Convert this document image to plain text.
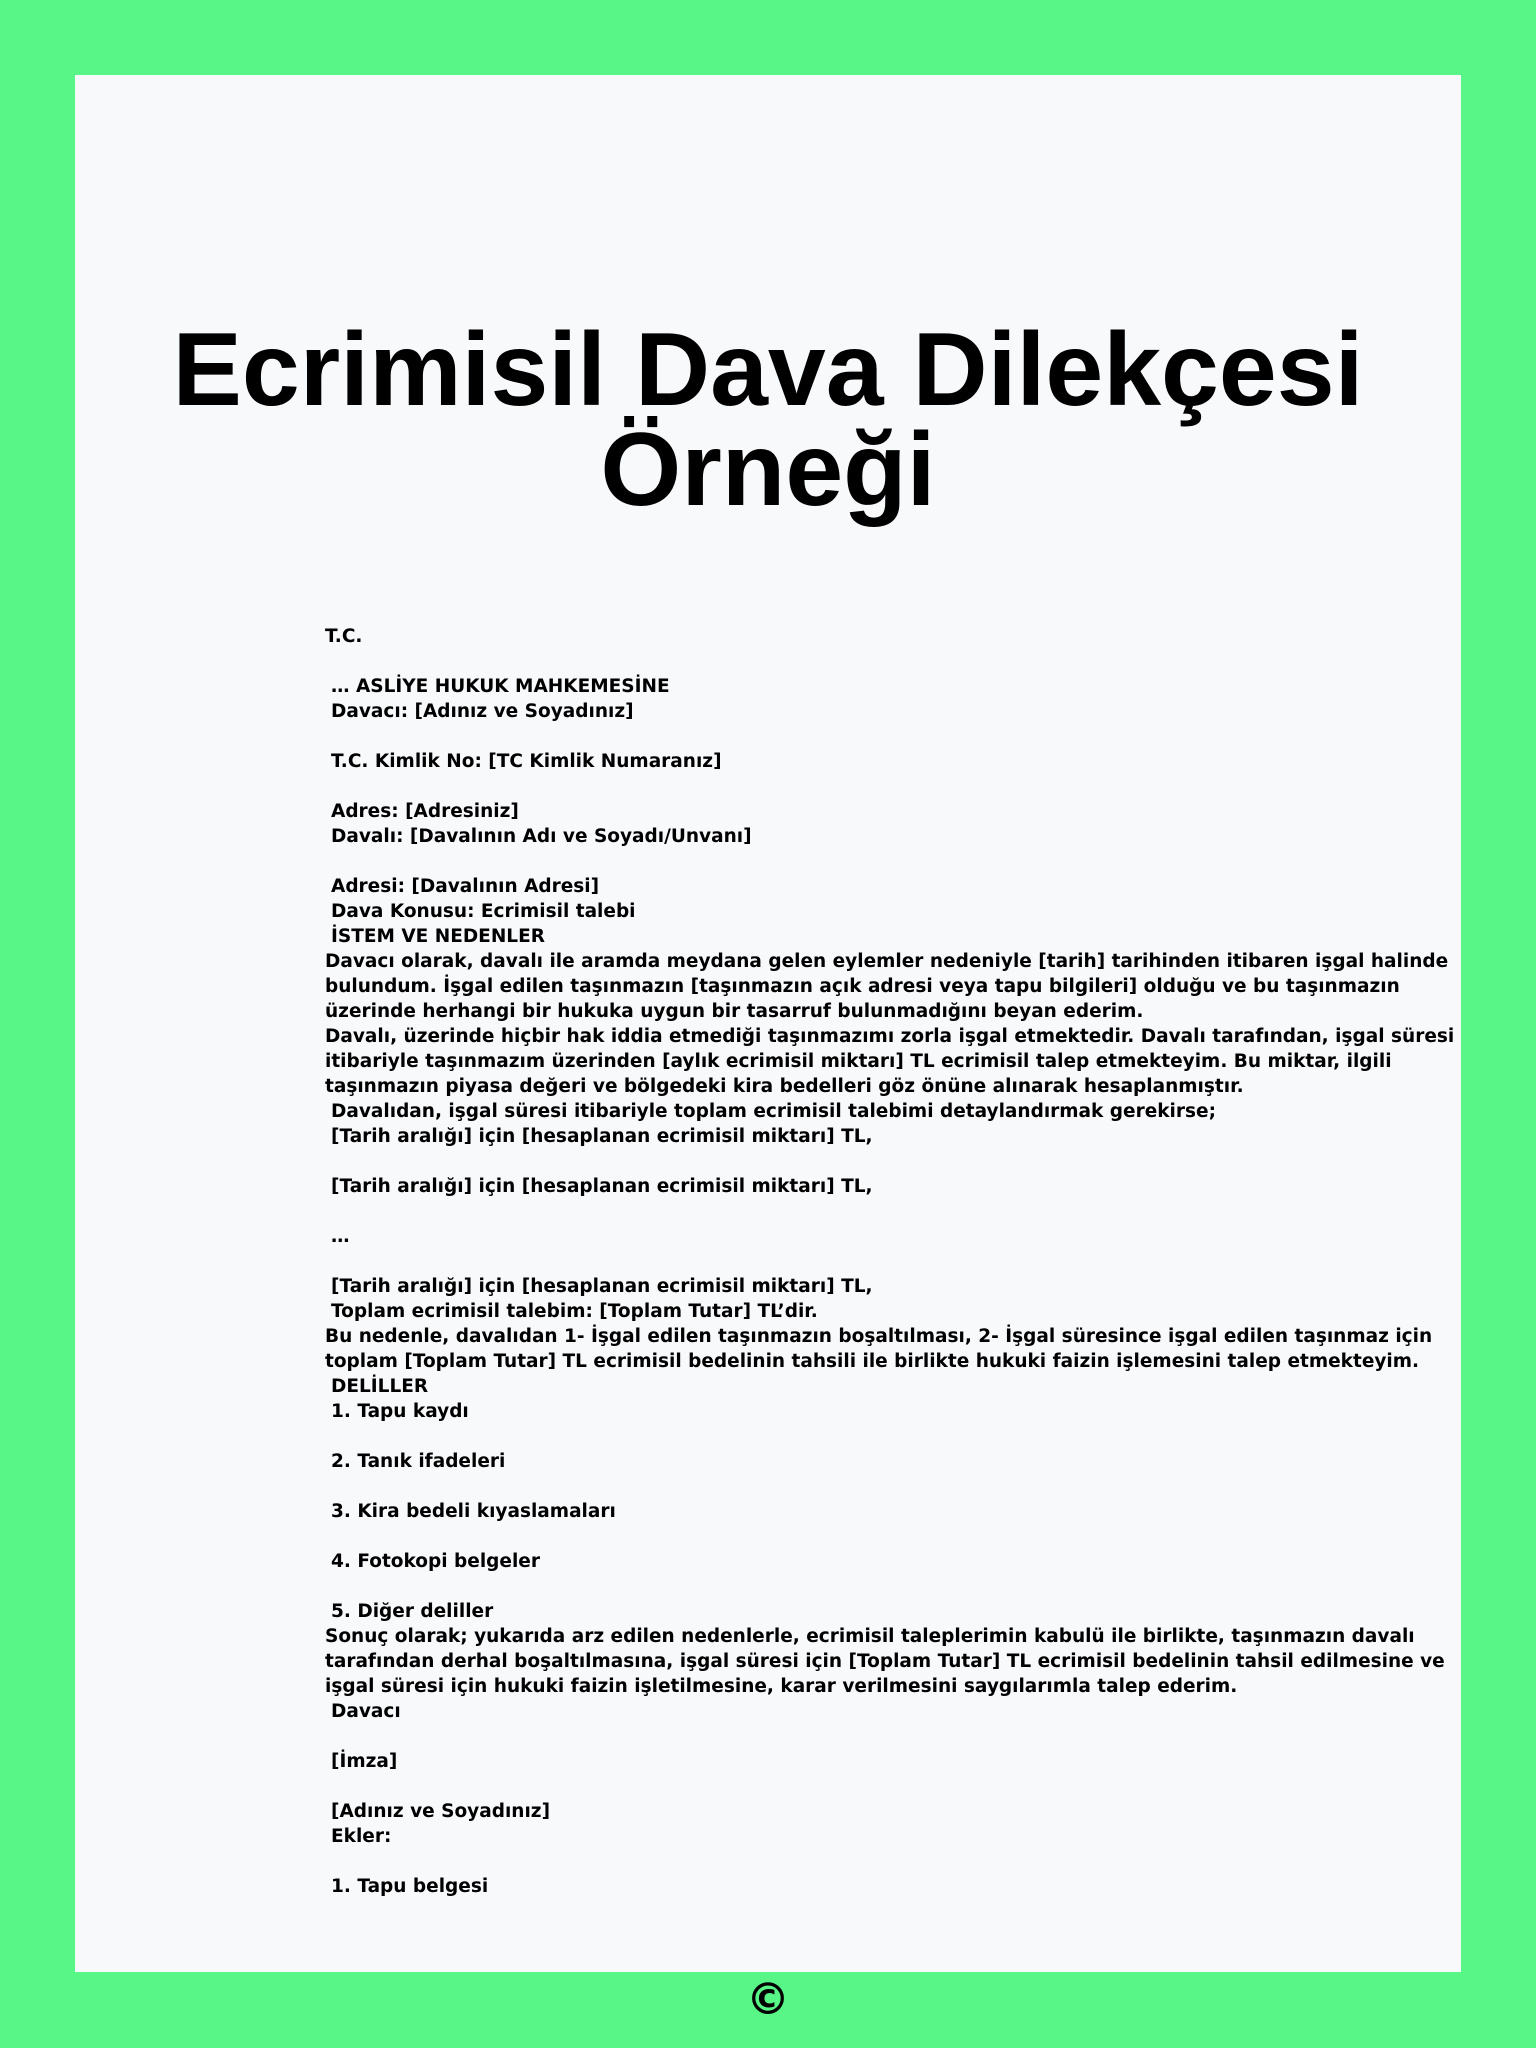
Ecrimisil Dava Dilekçesi
Örneği
T.C.
… ASLİYE HUKUK MAHKEMESİNE
Davacı: [Adınız ve Soyadınız]
T.C. Kimlik No: [TC Kimlik Numaranız]
Adres: [Adresiniz]
Davalı: [Davalının Adı ve Soyadı/Unvanı]
Adresi: [Davalının Adresi]
Dava Konusu: Ecrimisil talebi
İSTEM VE NEDENLER
Davacı olarak, davalı ile aramda meydana gelen eylemler nedeniyle [tarih] tarihinden itibaren işgal halinde
bulundum. İşgal edilen taşınmazın [taşınmazın açık adresi veya tapu bilgileri] olduğu ve bu taşınmazın
üzerinde herhangi bir hukuka uygun bir tasarruf bulunmadığını beyan ederim.
Davalı, üzerinde hiçbir hak iddia etmediği taşınmazımı zorla işgal etmektedir. Davalı tarafından, işgal süresi
itibariyle taşınmazım üzerinden [aylık ecrimisil miktarı] TL ecrimisil talep etmekteyim. Bu miktar, ilgili
taşınmazın piyasa değeri ve bölgedeki kira bedelleri göz önüne alınarak hesaplanmıştır.
Davalıdan, işgal süresi itibariyle toplam ecrimisil talebimi detaylandırmak gerekirse;
[Tarih aralığı] için [hesaplanan ecrimisil miktarı] TL,
[Tarih aralığı] için [hesaplanan ecrimisil miktarı] TL,
…
[Tarih aralığı] için [hesaplanan ecrimisil miktarı] TL,
Toplam ecrimisil talebim: [Toplam Tutar] TL’dir.
Bu nedenle, davalıdan 1- İşgal edilen taşınmazın boşaltılması, 2- İşgal süresince işgal edilen taşınmaz için
toplam [Toplam Tutar] TL ecrimisil bedelinin tahsili ile birlikte hukuki faizin işlemesini talep etmekteyim.
DELİLLER
1. Tapu kaydı
2. Tanık ifadeleri
3. Kira bedeli kıyaslamaları
4. Fotokopi belgeler
5. Diğer deliller
Sonuç olarak; yukarıda arz edilen nedenlerle, ecrimisil taleplerimin kabulü ile birlikte, taşınmazın davalı
tarafından derhal boşaltılmasına, işgal süresi için [Toplam Tutar] TL ecrimisil bedelinin tahsil edilmesine ve
işgal süresi için hukuki faizin işletilmesine, karar verilmesini saygılarımla talep ederim.
Davacı
[İmza]
[Adınız ve Soyadınız]
Ekler:
1. Tapu belgesi
©
